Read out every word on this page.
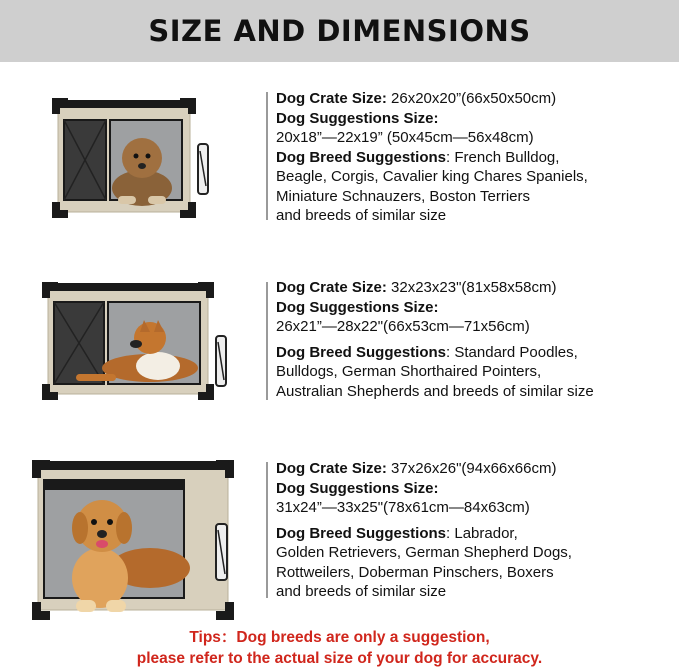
SIZE AND DIMENSIONS
Dog Crate Size: 26x20x20”(66x50x50cm)
Dog Suggestions Size:
20x18”—22x19” (50x45cm—56x48cm)
Dog Breed Suggestions: French Bulldog,
Beagle, Corgis, Cavalier king Chares Spaniels,
Miniature Schnauzers, Boston Terriers
and breeds of similar size
Dog Crate Size: 32x23x23"(81x58x58cm)
Dog Suggestions Size:
26x21”—28x22"(66x53cm—71x56cm)
Dog Breed Suggestions: Standard Poodles,
Bulldogs, German Shorthaired Pointers,
Australian Shepherds and breeds of similar size
Dog Crate Size: 37x26x26"(94x66x66cm)
Dog Suggestions Size:
31x24”—33x25"(78x61cm—84x63cm)
Dog Breed Suggestions: Labrador,
Golden Retrievers, German Shepherd Dogs,
Rottweilers, Doberman Pinschers, Boxers
and breeds of similar size
Tips：Dog breeds are only a suggestion,
please refer to the actual size of your dog for accuracy.
